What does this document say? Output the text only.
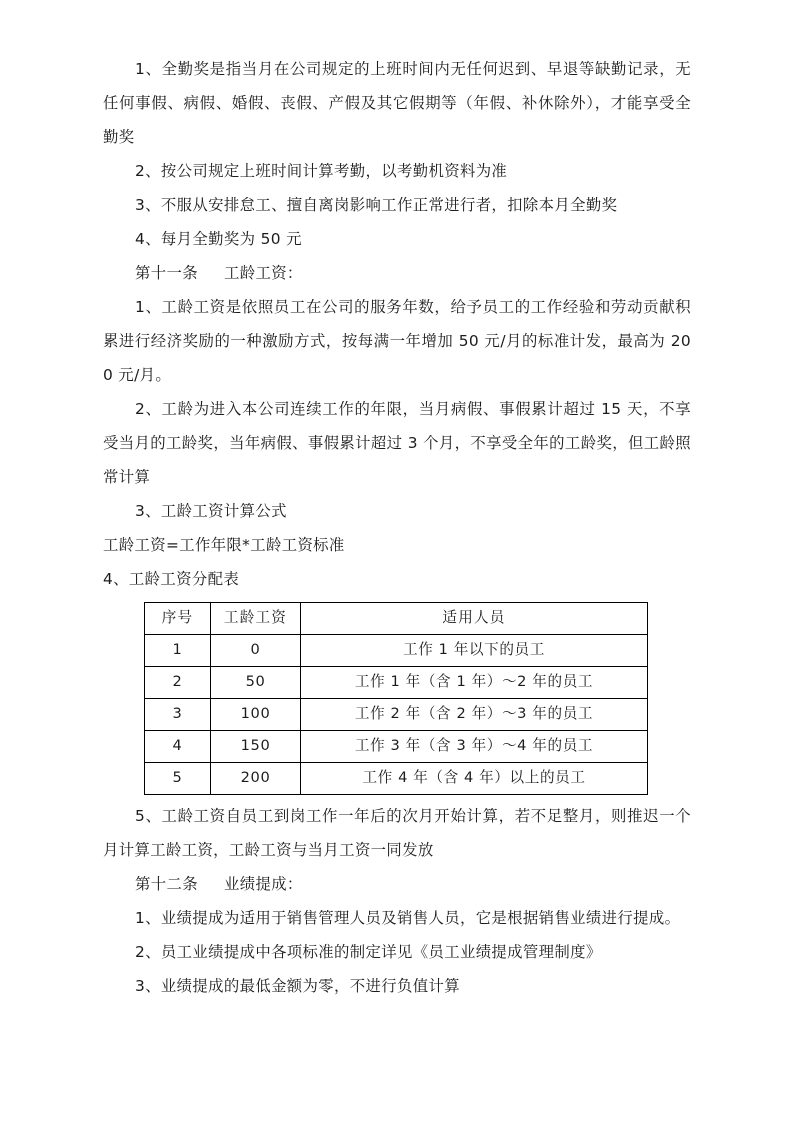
1、全勤奖是指当月在公司规定的上班时间内无任何迟到、早退等缺勤记录，无任何事假、病假、婚假、丧假、产假及其它假期等（年假、补休除外），才能享受全勤奖

2、按公司规定上班时间计算考勤，以考勤机资料为准

3、不服从安排怠工、擅自离岗影响工作正常进行者，扣除本月全勤奖

4、每月全勤奖为 50 元

第十一条 工龄工资：

1、工龄工资是依照员工在公司的服务年数，给予员工的工作经验和劳动贡献积累进行经济奖励的一种激励方式，按每满一年增加 50 元/月的标准计发，最高为 200 元/月。

2、工龄为进入本公司连续工作的年限，当月病假、事假累计超过 15 天，不享受当月的工龄奖，当年病假、事假累计超过 3 个月，不享受全年的工龄奖，但工龄照常计算

3、工龄工资计算公式

工龄工资=工作年限*工龄工资标准

4、工龄工资分配表

序号	工龄工资	适用人员
1	0	工作 1 年以下的员工
2	50	工作 1 年（含 1 年）～2 年的员工
3	100	工作 2 年（含 2 年）～3 年的员工
4	150	工作 3 年（含 3 年）～4 年的员工
5	200	工作 4 年（含 4 年）以上的员工

5、工龄工资自员工到岗工作一年后的次月开始计算，若不足整月，则推迟一个月计算工龄工资，工龄工资与当月工资一同发放

第十二条 业绩提成：

1、业绩提成为适用于销售管理人员及销售人员，它是根据销售业绩进行提成。

2、员工业绩提成中各项标准的制定详见《员工业绩提成管理制度》

3、业绩提成的最低金额为零，不进行负值计算
